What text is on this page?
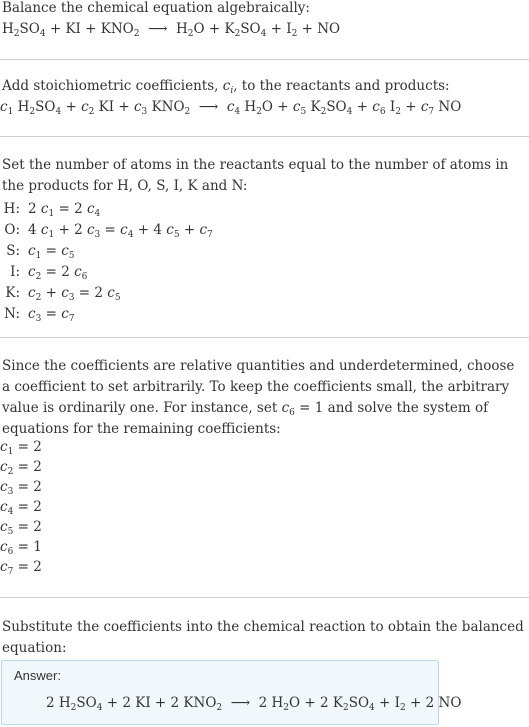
Balance the chemical equation algebraically:

$H_2SO_4$ + KI + $KNO_2$  ⟶  $H_2O + K_2SO_4 + I_2$ + NO

Add stoichiometric coefficients, $c_i$, to the reactants and products:

$c_1$ $H_2SO_4 + c_2$ KI + $c_3$ $KNO_2$  ⟶  $c_4$ $H_2O + c_5$ $K_2SO_4 + c_6$ $I_2 + c_7$ NO

Set the number of atoms in the reactants equal to the number of atoms in the products for H, O, S, I, K and N:

H: 2 $c_1 = 2$ $c_4$
O: 4 $c_1 + 2$ $c_3 = c_4 + 4$ $c_5 + c_7$
S: $c_1 = c_5$
I: $c_2 = 2$ $c_6$
K: $c_2 + c_3 = 2$ $c_5$
N: $c_3 = c_7$

Since the coefficients are relative quantities and underdetermined, choose a coefficient to set arbitrarily. To keep the coefficients small, the arbitrary value is ordinarily one. For instance, set $c_6 = 1$ and solve the system of equations for the remaining coefficients:

$c_1 = 2$
$c_2 = 2$
$c_3 = 2$
$c_4 = 2$
$c_5 = 2$
$c_6 = 1$
$c_7 = 2$

Substitute the coefficients into the chemical reaction to obtain the balanced equation:

Answer:
2 $H_2SO_4 + 2$ KI + 2 $KNO_2$  ⟶  2 $H_2O + 2$ $K_2SO_4 + I_2 + 2$ NO
